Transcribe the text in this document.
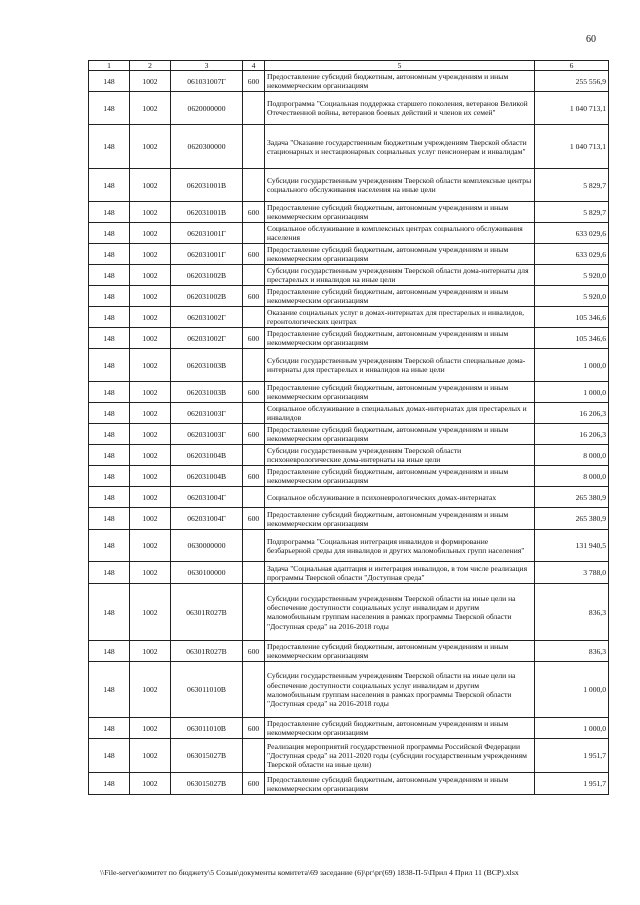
60
1	2	3	4	5	6
148	1002	061031007Г	600	Предоставление субсидий бюджетным, автономным учреждениям и иным некоммерческим организациям	255 556,9
148	1002	0620000000		Подпрограмма "Социальная поддержка старшего поколения, ветеранов Великой Отечественной войны, ветеранов боевых действий и членов их семей"	1 040 713,1
148	1002	0620300000		Задача "Оказание государственным бюджетным учреждениям Тверской области стационарных и нестационарных социальных услуг пенсионерам и инвалидам"	1 040 713,1
148	1002	062031001В		Субсидии государственным учреждениям Тверской области комплексные центры социального обслуживания населения на иные цели	5 829,7
148	1002	062031001В	600	Предоставление субсидий бюджетным, автономным учреждениям и иным некоммерческим организациям	5 829,7
148	1002	062031001Г		Социальное обслуживание в комплексных центрах социального обслуживания населения	633 029,6
148	1002	062031001Г	600	Предоставление субсидий бюджетным, автономным учреждениям и иным некоммерческим организациям	633 029,6
148	1002	062031002В		Субсидии государственным учреждениям Тверской области дома-интернаты для престарелых и инвалидов на иные цели	5 920,0
148	1002	062031002В	600	Предоставление субсидий бюджетным, автономным учреждениям и иным некоммерческим организациям	5 920,0
148	1002	062031002Г		Оказание социальных услуг в домах-интернатах для престарелых и инвалидов, геронтологических центрах	105 346,6
148	1002	062031002Г	600	Предоставление субсидий бюджетным, автономным учреждениям и иным некоммерческим организациям	105 346,6
148	1002	062031003В		Субсидии государственным учреждениям Тверской области специальные дома-интернаты для престарелых и инвалидов на иные цели	1 000,0
148	1002	062031003В	600	Предоставление субсидий бюджетным, автономным учреждениям и иным некоммерческим организациям	1 000,0
148	1002	062031003Г		Социальное обслуживание в специальных домах-интернатах для престарелых и инвалидов	16 206,3
148	1002	062031003Г	600	Предоставление субсидий бюджетным, автономным учреждениям и иным некоммерческим организациям	16 206,3
148	1002	062031004В		Субсидии государственным учреждениям Тверской области психоневрологические дома-интернаты на иные цели	8 000,0
148	1002	062031004В	600	Предоставление субсидий бюджетным, автономным учреждениям и иным некоммерческим организациям	8 000,0
148	1002	062031004Г		Социальное обслуживание в психоневрологических домах-интернатах	265 380,9
148	1002	062031004Г	600	Предоставление субсидий бюджетным, автономным учреждениям и иным некоммерческим организациям	265 380,9
148	1002	0630000000		Подпрограмма "Социальная интеграция инвалидов и формирование безбарьерной среды для инвалидов и других маломобильных групп населения"	131 940,5
148	1002	0630100000		Задача "Социальная адаптация и интеграция инвалидов, в том числе реализация программы Тверской области "Доступная среда"	3 788,0
148	1002	06301R027В		Субсидии государственным учреждениям Тверской области на иные цели на обеспечение доступности социальных услуг инвалидам и другим маломобильным группам населения в рамках программы Тверской области "Доступная среда" на 2016-2018 годы	836,3
148	1002	06301R027В	600	Предоставление субсидий бюджетным, автономным учреждениям и иным некоммерческим организациям	836,3
148	1002	063011010В		Субсидии государственным учреждениям Тверской области на иные цели на обеспечение доступности социальных услуг инвалидам и другим маломобильным группам населения в рамках программы Тверской области "Доступная среда" на 2016-2018 годы	1 000,0
148	1002	063011010В	600	Предоставление субсидий бюджетным, автономным учреждениям и иным некоммерческим организациям	1 000,0
148	1002	063015027В		Реализация мероприятий государственной программы Российской Федерации "Доступная среда" на 2011-2020 годы (субсидии государственным учреждениям Тверской области на иные цели)	1 951,7
148	1002	063015027В	600	Предоставление субсидий бюджетным, автономным учреждениям и иным некоммерческим организациям	1 951,7
\\File-server\комитет по бюджету\5 Созыв\документы комитета\69 заседание (6)\рг\рг(69) 1838-П-5\Прил 4 Прил 11 (ВСР).xlsx
